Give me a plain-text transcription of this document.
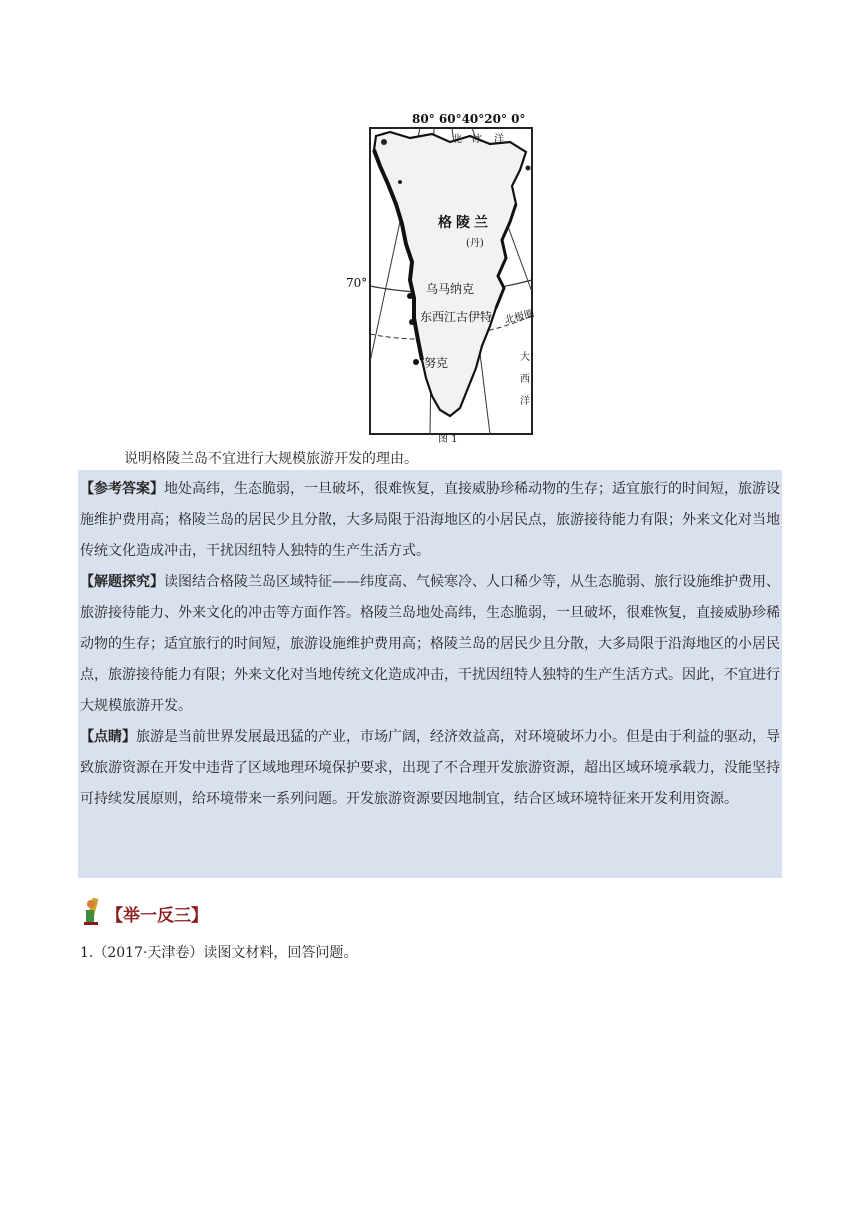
80° 60°40°20° 0°
北 冰 洋
格陵兰
(丹)
70°	乌马纳克
东西江古伊特 北极圈
努克	大
西
洋
图 1
说明格陵兰岛不宜进行大规模旅游开发的理由。

【参考答案】地处高纬，生态脆弱，一旦破坏，很难恢复，直接威胁珍稀动物的生存；适宜旅行的时间短，旅游设施维护费用高；格陵兰岛的居民少且分散，大多局限于沿海地区的小居民点，旅游接待能力有限；外来文化对当地传统文化造成冲击，干扰因纽特人独特的生产生活方式。

【解题探究】读图结合格陵兰岛区域特征——纬度高、气候寒冷、人口稀少等，从生态脆弱、旅行设施维护费用、旅游接待能力、外来文化的冲击等方面作答。格陵兰岛地处高纬，生态脆弱，一旦破坏，很难恢复，直接威胁珍稀动物的生存；适宜旅行的时间短，旅游设施维护费用高；格陵兰岛的居民少且分散，大多局限于沿海地区的小居民点，旅游接待能力有限；外来文化对当地传统文化造成冲击，干扰因纽特人独特的生产生活方式。因此，不宜进行大规模旅游开发。

【点睛】旅游是当前世界发展最迅猛的产业，市场广阔，经济效益高，对环境破坏力小。但是由于利益的驱动，导致旅游资源在开发中违背了区域地理环境保护要求，出现了不合理开发旅游资源，超出区域环境承载力，没能坚持可持续发展原则，给环境带来一系列问题。开发旅游资源要因地制宜，结合区域环境特征来开发利用资源。

【举一反三】
1.（2017·天津卷）读图文材料，回答问题。
